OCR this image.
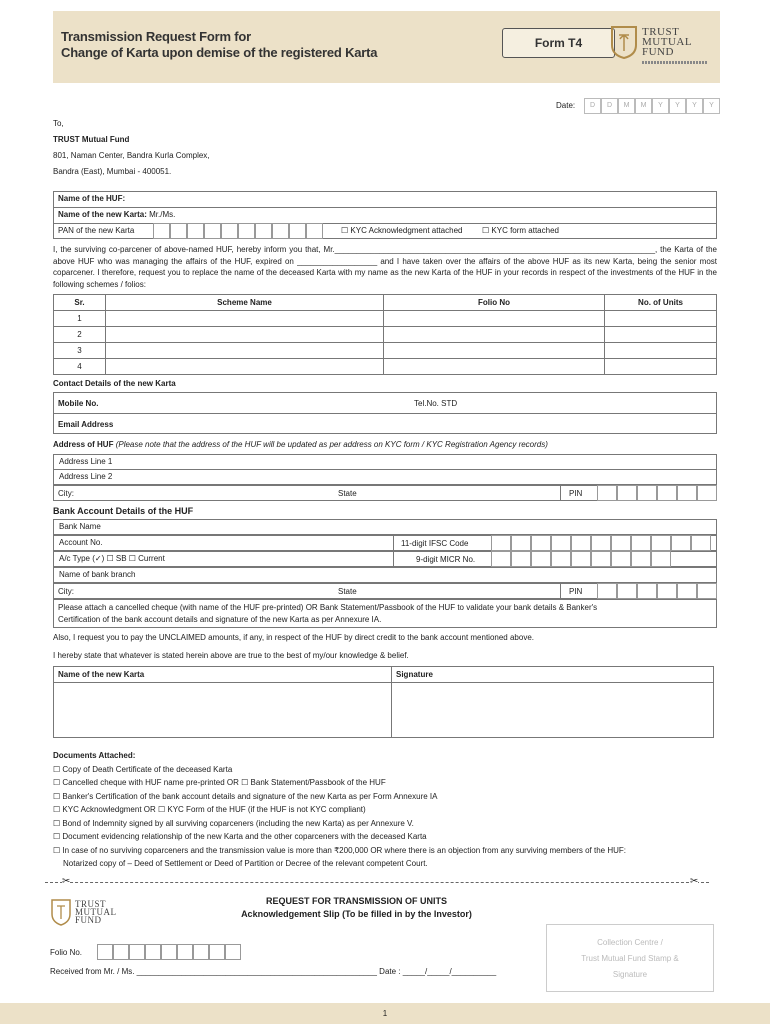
Transmission Request Form for
Change of Karta upon demise of the registered Karta
Form T4
TRUST
MUTUAL
FUND
Date:	D	D	M	M	Y	Y	Y	Y
To,
TRUST Mutual Fund
801, Naman Center, Bandra Kurla Complex,
Bandra (East), Mumbai - 400051.
Name of the HUF:
Name of the new Karta: Mr./Ms.
PAN of the new Karta	☐ KYC Acknowledgment attached ☐ KYC form attached
I, the surviving co-parcener of above-named HUF, hereby inform you that, Mr.________________________________________________________________________, the Karta of the above HUF who was managing the affairs of the HUF, expired on __________________ and I have taken over the affairs of the above HUF as its new Karta, being the senior most coparcener. I therefore, request you to replace the name of the deceased Karta with my name as the new Karta of the HUF in your records in respect of the investments of the HUF in the following schemes / folios:
Sr.	Scheme Name	Folio No	No. of Units
1			
2			
3			
4			
Contact Details of the new Karta
Mobile No.	Tel.No. STD
Email Address
Address of HUF (Please note that the address of the HUF will be updated as per address on KYC form / KYC Registration Agency records)
Address Line 1
Address Line 2
City:	State	PIN
Bank Account Details of the HUF
Bank Name
Account No.	11-digit IFSC Code
A/c Type (✓) ☐ SB ☐ Current	9-digit MICR No.
Name of bank branch
City:	State	PIN
Please attach a cancelled cheque (with name of the HUF pre-printed) OR Bank Statement/Passbook of the HUF to validate your bank details & Banker's
Certification of the bank account details and signature of the new Karta as per Annexure IA.
Also, I request you to pay the UNCLAIMED amounts, if any, in respect of the HUF by direct credit to the bank account mentioned above.
I hereby state that whatever is stated herein above are true to the best of my/our knowledge & belief.
Name of the new Karta	Signature
Documents Attached:
☐ Copy of Death Certificate of the deceased Karta
☐ Cancelled cheque with HUF name pre-printed OR ☐ Bank Statement/Passbook of the HUF
☐ Banker's Certification of the bank account details and signature of the new Karta as per Form Annexure IA
☐ KYC Acknowledgment OR ☐ KYC Form of the HUF (if the HUF is not KYC compliant)
☐ Bond of Indemnity signed by all surviving coparceners (including the new Karta) as per Annexure V.
☐ Document evidencing relationship of the new Karta and the other coparceners with the deceased Karta
☐ In case of no surviving coparceners and the transmission value is more than ₹200,000 OR where there is an objection from any surviving members of the HUF:
Notarized copy of – Deed of Settlement or Deed of Partition or Decree of the relevant competent Court.
✂	✂
TRUST
MUTUAL
FUND
REQUEST FOR TRANSMISSION OF UNITS
Acknowledgement Slip (To be filled in by the Investor)
Folio No.
Received from Mr. / Ms. ______________________________________________________ Date : _____/_____/__________
Collection Centre /
Trust Mutual Fund Stamp &
Signature
1
